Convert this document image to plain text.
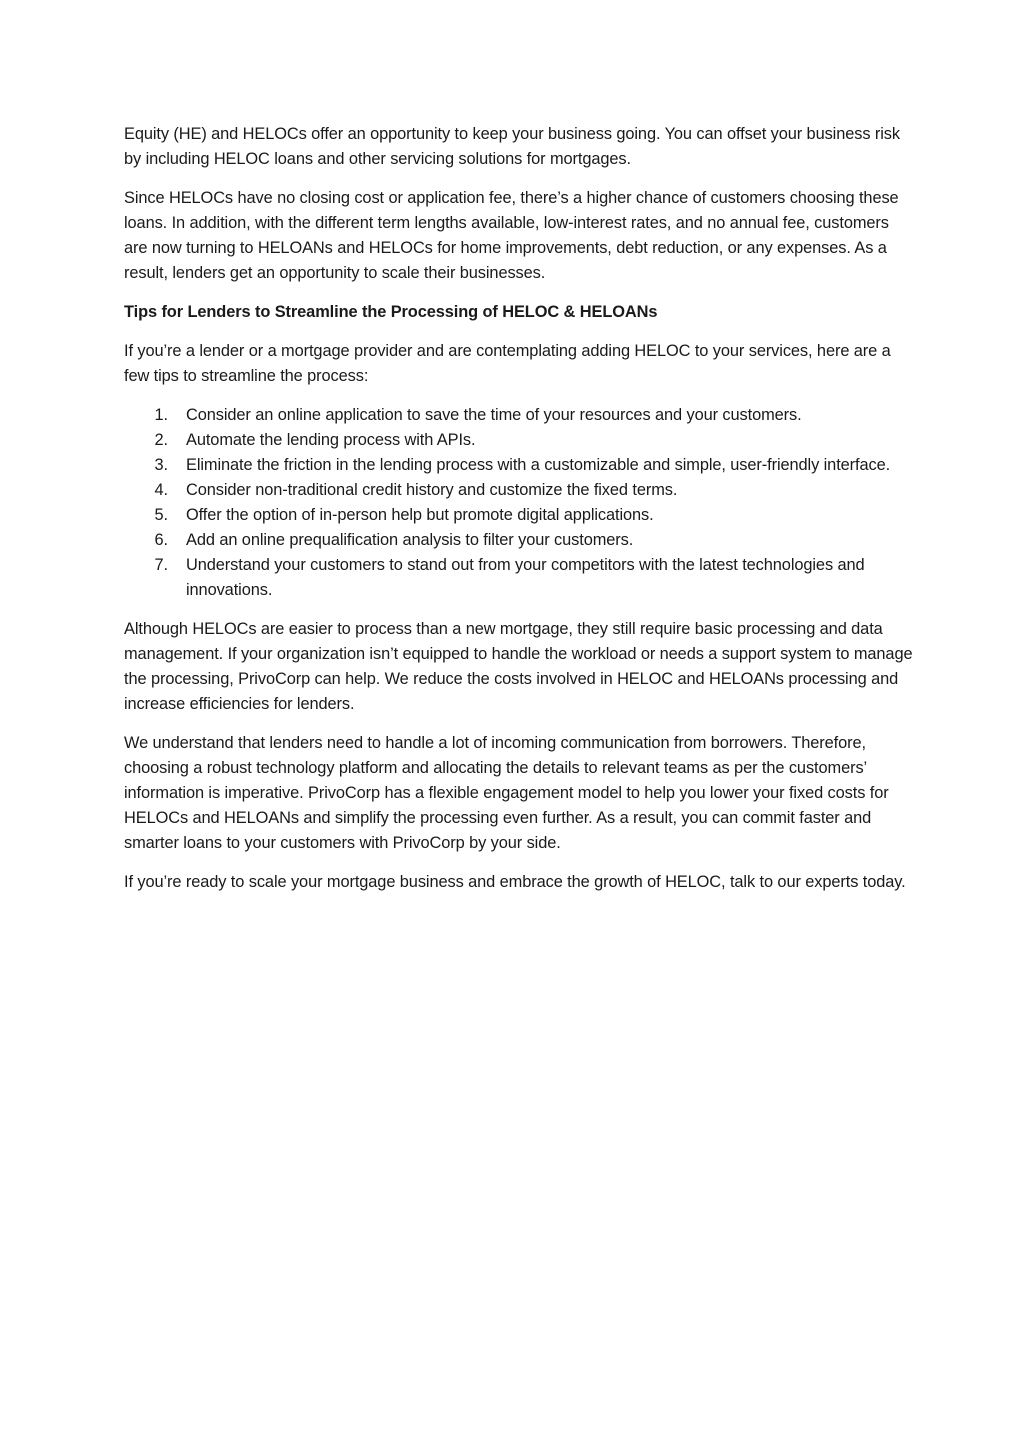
Equity (HE) and HELOCs offer an opportunity to keep your business going. You can offset your business risk by including HELOC loans and other servicing solutions for mortgages.

Since HELOCs have no closing cost or application fee, there’s a higher chance of customers choosing these loans. In addition, with the different term lengths available, low-interest rates, and no annual fee, customers are now turning to HELOANs and HELOCs for home improvements, debt reduction, or any expenses. As a result, lenders get an opportunity to scale their businesses.

Tips for Lenders to Streamline the Processing of HELOC & HELOANs

If you’re a lender or a mortgage provider and are contemplating adding HELOC to your services, here are a few tips to streamline the process:

1. Consider an online application to save the time of your resources and your customers.
2. Automate the lending process with APIs.
3. Eliminate the friction in the lending process with a customizable and simple, user-friendly interface.
4. Consider non-traditional credit history and customize the fixed terms.
5. Offer the option of in-person help but promote digital applications.
6. Add an online prequalification analysis to filter your customers.
7. Understand your customers to stand out from your competitors with the latest technologies and innovations.

Although HELOCs are easier to process than a new mortgage, they still require basic processing and data management. If your organization isn’t equipped to handle the workload or needs a support system to manage the processing, PrivoCorp can help. We reduce the costs involved in HELOC and HELOANs processing and increase efficiencies for lenders.

We understand that lenders need to handle a lot of incoming communication from borrowers. Therefore, choosing a robust technology platform and allocating the details to relevant teams as per the customers’ information is imperative. PrivoCorp has a flexible engagement model to help you lower your fixed costs for HELOCs and HELOANs and simplify the processing even further. As a result, you can commit faster and smarter loans to your customers with PrivoCorp by your side.

If you’re ready to scale your mortgage business and embrace the growth of HELOC, talk to our experts today.
